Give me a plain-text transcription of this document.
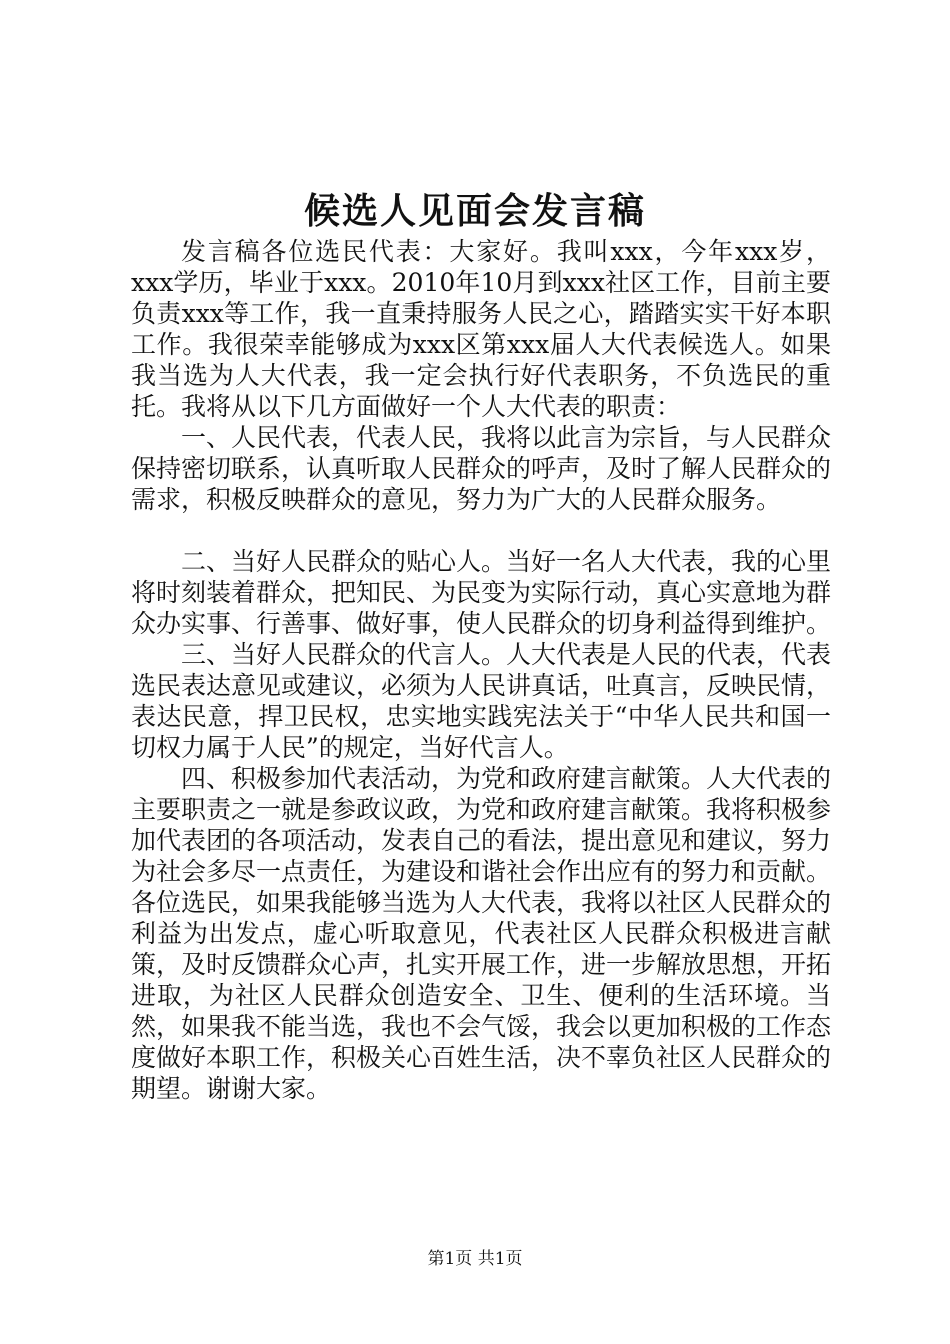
候选人见面会发言稿

发言稿各位选民代表：大家好。我叫xxx，今年xxx岁，xxx学历，毕业于xxx。2010年10月到xxx社区工作，目前主要负责xxx等工作，我一直秉持服务人民之心，踏踏实实干好本职工作。我很荣幸能够成为xxx区第xxx届人大代表候选人。如果我当选为人大代表，我一定会执行好代表职务，不负选民的重托。我将从以下几方面做好一个人大代表的职责：

一、人民代表，代表人民，我将以此言为宗旨，与人民群众保持密切联系，认真听取人民群众的呼声，及时了解人民群众的需求，积极反映群众的意见，努力为广大的人民群众服务。

二、当好人民群众的贴心人。当好一名人大代表，我的心里将时刻装着群众，把知民、为民变为实际行动，真心实意地为群众办实事、行善事、做好事，使人民群众的切身利益得到维护。

三、当好人民群众的代言人。人大代表是人民的代表，代表选民表达意见或建议，必须为人民讲真话，吐真言，反映民情，表达民意，捍卫民权，忠实地实践宪法关于“中华人民共和国一切权力属于人民”的规定，当好代言人。

四、积极参加代表活动，为党和政府建言献策。人大代表的主要职责之一就是参政议政，为党和政府建言献策。我将积极参加代表团的各项活动，发表自己的看法，提出意见和建议，努力为社会多尽一点责任，为建设和谐社会作出应有的努力和贡献。各位选民，如果我能够当选为人大代表，我将以社区人民群众的利益为出发点，虚心听取意见，代表社区人民群众积极进言献策，及时反馈群众心声，扎实开展工作，进一步解放思想，开拓进取，为社区人民群众创造安全、卫生、便利的生活环境。当然，如果我不能当选，我也不会气馁，我会以更加积极的工作态度做好本职工作，积极关心百姓生活，决不辜负社区人民群众的期望。谢谢大家。

第1页 共1页
